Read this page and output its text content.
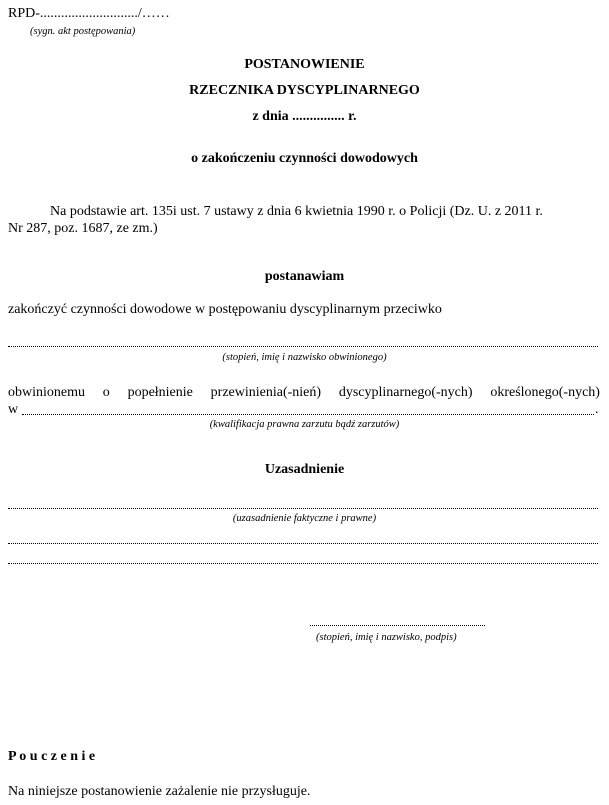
RPD-............................/……
(sygn. akt postępowania)
POSTANOWIENIE
RZECZNIKA DYSCYPLINARNEGO
z dnia ............... r.
o zakończeniu czynności dowodowych
Na podstawie art. 135i ust. 7 ustawy z dnia 6 kwietnia 1990 r. o Policji (Dz. U. z 2011 r.
Nr 287, poz. 1687, ze zm.)
postanawiam
zakończyć czynności dowodowe w postępowaniu dyscyplinarnym przeciwko
(stopień, imię i nazwisko obwinionego)
obwinionemu o popełnienie przewinienia(-nień) dyscyplinarnego(-nych) określonego(-nych)
w	.
(kwalifikacja prawna zarzutu bądź zarzutów)
Uzasadnienie
(uzasadnienie faktyczne i prawne)
(stopień, imię i nazwisko, podpis)
P o u c z e n i e
Na niniejsze postanowienie zażalenie nie przysługuje.
